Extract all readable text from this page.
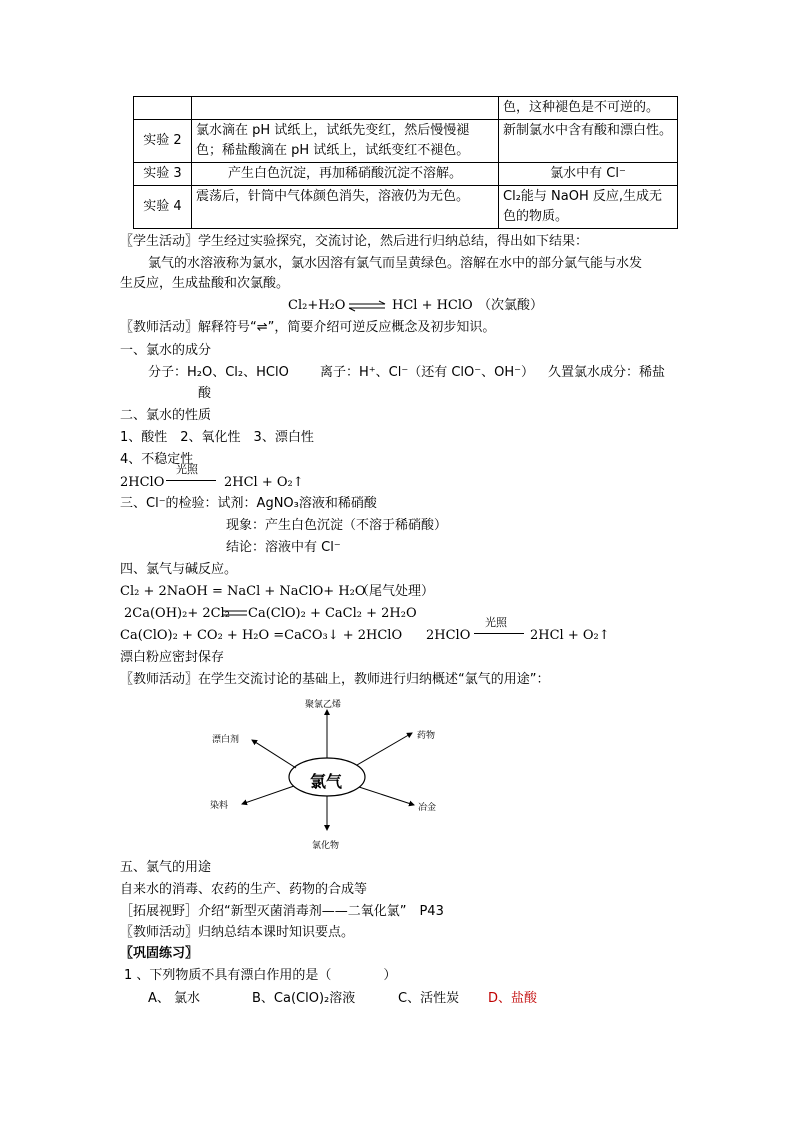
		色，这种褪色是不可逆的。
实验 2	氯水滴在 pH 试纸上，试纸先变红，然后慢慢褪色；稀盐酸滴在 pH 试纸上，试纸变红不褪色。	新制氯水中含有酸和漂白性。
实验 3	产生白色沉淀，再加稀硝酸沉淀不溶解。	氯水中有 Cl⁻
实验 4	震荡后，针筒中气体颜色消失，溶液仍为无色。	Cl₂能与 NaOH 反应,生成无色的物质。
〖学生活动〗学生经过实验探究，交流讨论，然后进行归纳总结，得出如下结果：
氯气的水溶液称为氯水，氯水因溶有氯气而呈黄绿色。溶解在水中的部分氯气能与水发
生反应，生成盐酸和次氯酸。
Cl₂+H₂O ⇌ HCl + HClO （次氯酸）
〖教师活动〗解释符号“⇌”，简要介绍可逆反应概念及初步知识。
一、氯水的成分
分子：H₂O、Cl₂、HClO 离子：H⁺、Cl⁻（还有 ClO⁻、OH⁻） 久置氯水成分：稀盐
酸
二、氯水的性质
1、酸性　2、氧化性　3、漂白性
4、不稳定性
2HClO
光照
2HCl + O₂↑
三、Cl⁻的检验：试剂：AgNO₃溶液和稀硝酸
现象：产生白色沉淀（不溶于稀硝酸）
结论：溶液中有 Cl⁻
四、氯气与碱反应。
Cl₂ + 2NaOH = NaCl + NaClO+ H₂O
（尾气处理）
2Ca(OH)₂+ 2Cl₂ Ca(ClO)₂ + CaCl₂ + 2H₂O
Ca(ClO)₂ + CO₂ + H₂O =CaCO₃↓ + 2HClO 2HClO
光照
2HCl + O₂↑
漂白粉应密封保存
〖教师活动〗在学生交流讨论的基础上，教师进行归纳概述“氯气的用途”：
氯气
聚氯乙烯
药物
漂白剂
染料	冶金
氯化物
五、氯气的用途
自来水的消毒、农药的生产、药物的合成等
［拓展视野］介绍“新型灭菌消毒剂——二氧化氯”　P43
〖教师活动〗归纳总结本课时知识要点。
〖巩固练习〗
1 、下列物质不具有漂白作用的是（　　　　）
A、 氯水	B、Ca(ClO)₂溶液	C、活性炭 D、盐酸
